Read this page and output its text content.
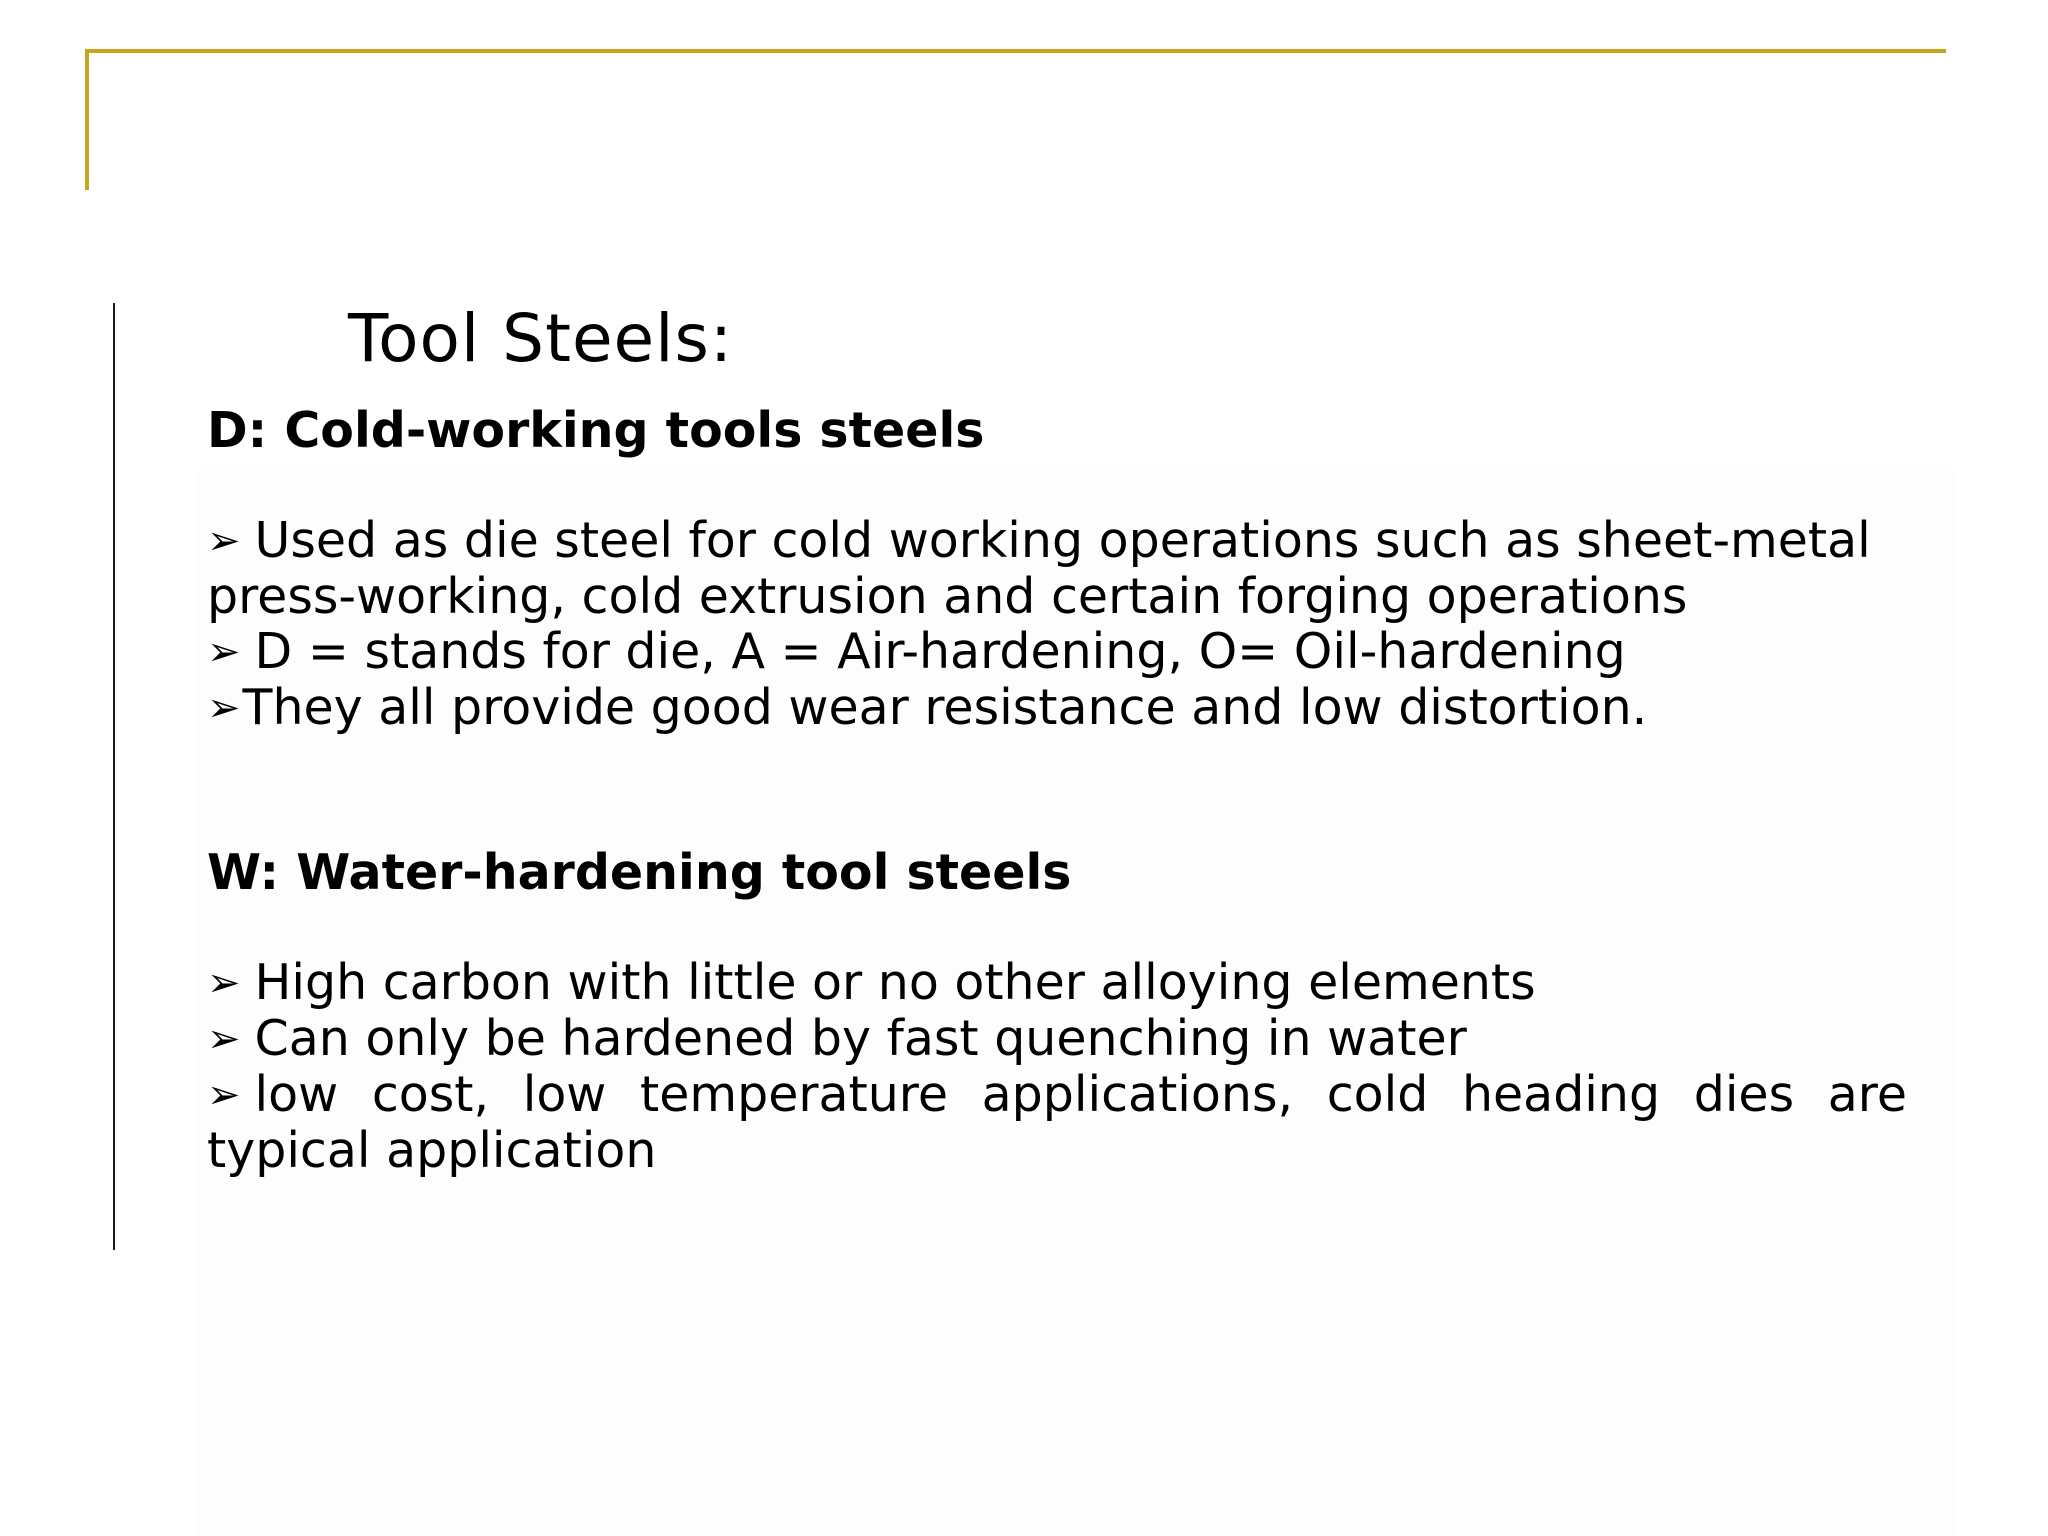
Tool Steels:
D: Cold-working tools steels
➢ Used as die steel for cold working operations such as sheet-metal
press-working, cold extrusion and certain forging operations
➢ D = stands for die, A = Air-hardening, O= Oil-hardening
➢They all provide good wear resistance and low distortion.
W: Water-hardening tool steels
➢ High carbon with little or no other alloying elements
➢ Can only be hardened by fast quenching in water
➢ low cost, low temperature applications, cold heading dies are
typical application
